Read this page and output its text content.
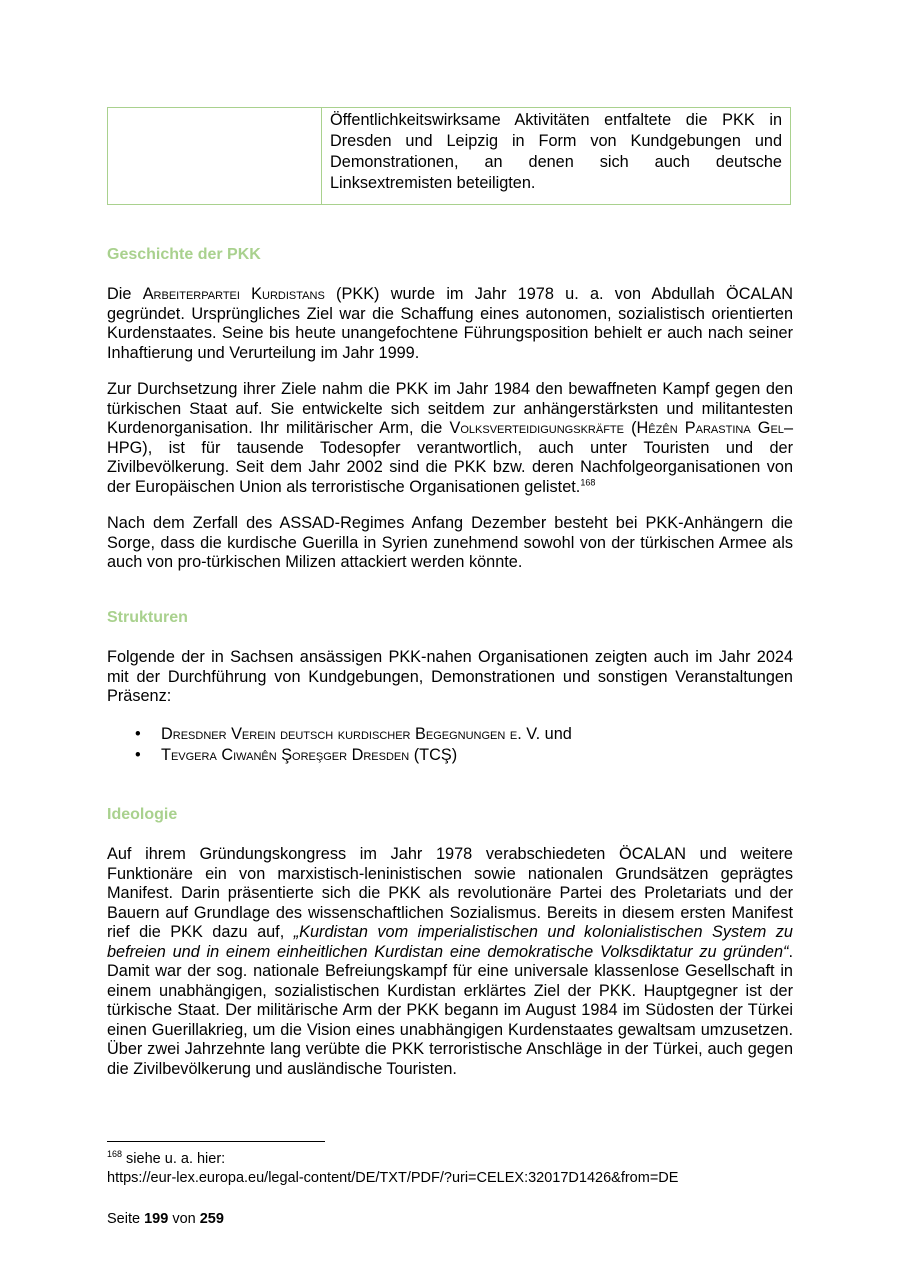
Öffentlichkeitswirksame Aktivitäten entfaltete die PKK in Dresden und Leipzig in Form von Kundgebungen und Demonstrationen, an denen sich auch deutsche Linksextremisten beteiligten.
Geschichte der PKK
Die Arbeiterpartei Kurdistans (PKK) wurde im Jahr 1978 u. a. von Abdullah ÖCALAN gegründet. Ursprüngliches Ziel war die Schaffung eines autonomen, sozialistisch orientierten Kurdenstaates. Seine bis heute unangefochtene Führungsposition behielt er auch nach seiner Inhaftierung und Verurteilung im Jahr 1999.
Zur Durchsetzung ihrer Ziele nahm die PKK im Jahr 1984 den bewaffneten Kampf gegen den türkischen Staat auf. Sie entwickelte sich seitdem zur anhängerstärksten und militantesten Kurdenorganisation. Ihr militärischer Arm, die Volksverteidigungskräfte (Hêzên Parastina Gel–HPG), ist für tausende Todesopfer verantwortlich, auch unter Touristen und der Zivilbevölkerung. Seit dem Jahr 2002 sind die PKK bzw. deren Nachfolgeorganisationen von der Europäischen Union als terroristische Organisationen gelistet.$^{168}$
Nach dem Zerfall des ASSAD-Regimes Anfang Dezember besteht bei PKK-Anhängern die Sorge, dass die kurdische Guerilla in Syrien zunehmend sowohl von der türkischen Armee als auch von pro-türkischen Milizen attackiert werden könnte.
Strukturen
Folgende der in Sachsen ansässigen PKK-nahen Organisationen zeigten auch im Jahr 2024 mit der Durchführung von Kundgebungen, Demonstrationen und sonstigen Veranstaltungen Präsenz:
• Dresdner Verein deutsch kurdischer Begegnungen e. V. und
• Tevgera Ciwanên Şoreşger Dresden (TCŞ)
Ideologie
Auf ihrem Gründungskongress im Jahr 1978 verabschiedeten ÖCALAN und weitere Funktionäre ein von marxistisch-leninistischen sowie nationalen Grundsätzen geprägtes Manifest. Darin präsentierte sich die PKK als revolutionäre Partei des Proletariats und der Bauern auf Grundlage des wissenschaftlichen Sozialismus. Bereits in diesem ersten Manifest rief die PKK dazu auf, „Kurdistan vom imperialistischen und kolonialistischen System zu befreien und in einem einheitlichen Kurdistan eine demokratische Volksdiktatur zu gründen“. Damit war der sog. nationale Befreiungskampf für eine universale klassenlose Gesellschaft in einem unabhängigen, sozialistischen Kurdistan erklärtes Ziel der PKK. Hauptgegner ist der türkische Staat. Der militärische Arm der PKK begann im August 1984 im Südosten der Türkei einen Guerillakrieg, um die Vision eines unabhängigen Kurdenstaates gewaltsam umzusetzen. Über zwei Jahrzehnte lang verübte die PKK terroristische Anschläge in der Türkei, auch gegen die Zivilbevölkerung und ausländische Touristen.
$^{168}$ siehe u. a. hier:
https://eur-lex.europa.eu/legal-content/DE/TXT/PDF/?uri=CELEX:32017D1426&from=DE
Seite 199 von 259
